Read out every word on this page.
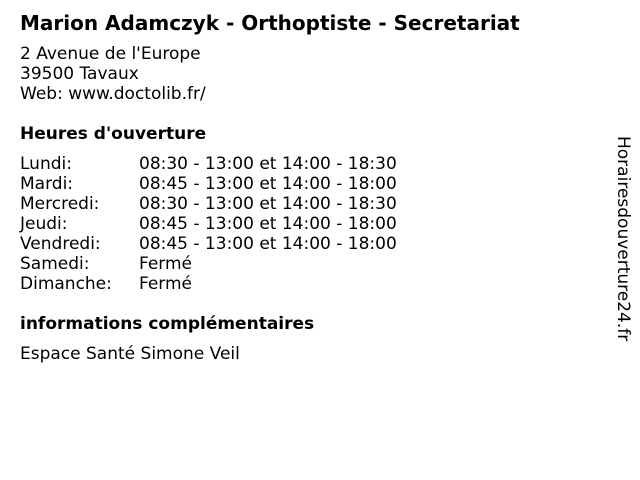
Marion Adamczyk - Orthoptiste - Secretariat
2 Avenue de l'Europe
39500 Tavaux
Web: www.doctolib.fr/
Heures d'ouverture
Lundi:	08:30 - 13:00 et 14:00 - 18:30
Mardi:	08:45 - 13:00 et 14:00 - 18:00
Mercredi:	08:30 - 13:00 et 14:00 - 18:30
Jeudi:	08:45 - 13:00 et 14:00 - 18:00
Vendredi:	08:45 - 13:00 et 14:00 - 18:00
Samedi:	Fermé
Dimanche:	Fermé
informations complémentaires
Espace Santé Simone Veil
Horairesdouverture24.fr
